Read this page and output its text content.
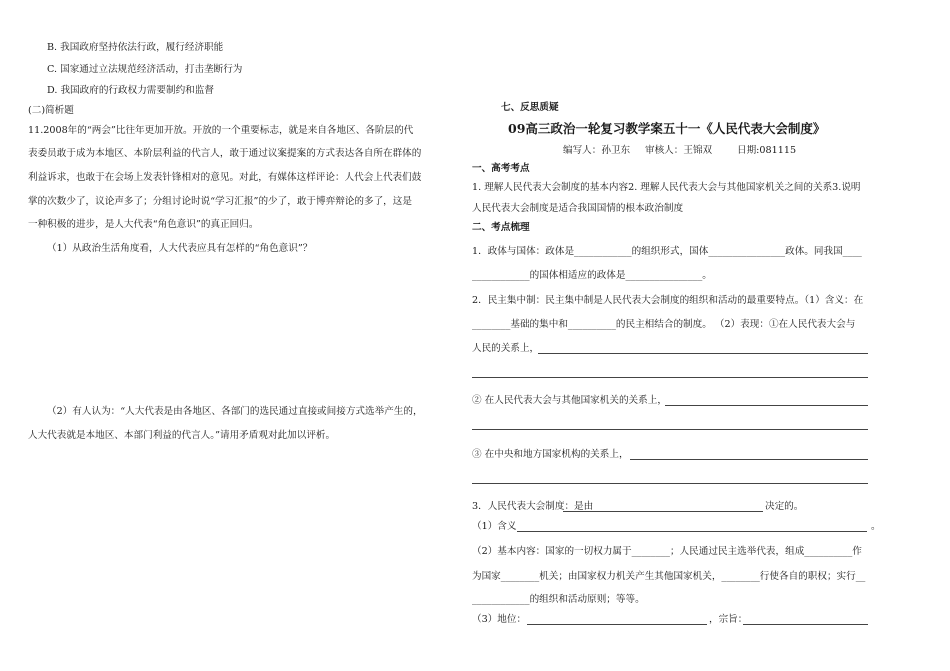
B. 我国政府坚持依法行政，履行经济职能
C. 国家通过立法规范经济活动，打击垄断行为
D. 我国政府的行政权力需要制约和监督
(二)简析题
11.2008年的“两会”比往年更加开放。开放的一个重要标志，就是来自各地区、各阶层的代
表委员敢于成为本地区、本阶层利益的代言人，敢于通过议案提案的方式表达各自所在群体的
利益诉求，也敢于在会场上发表针锋相对的意见。对此，有媒体这样评论：人代会上代表们鼓
掌的次数少了，议论声多了；分组讨论时说“学习汇报”的少了，敢于博弈辩论的多了，这是
一种积极的进步，是人大代表“角色意识”的真正回归。
（1）从政治生活角度看，人大代表应具有怎样的“角色意识”？
（2）有人认为：“人大代表是由各地区、各部门的选民通过直接或间接方式选举产生的，
人大代表就是本地区、本部门利益的代言人。”请用矛盾观对此加以评析。
七、反思质疑
09高三政治一轮复习教学案五十一《人民代表大会制度》
编写人：孙卫东 审核人：王锦双	日期:081115
一、高考考点
1. 理解人民代表大会制度的基本内容2. 理解人民代表大会与其他国家机关之间的关系3.说明
人民代表大会制度是适合我国国情的根本政治制度
二、考点梳理
1．政体与国体：政体是____________的组织形式，国体________________政体。同我国____
____________的国体相适应的政体是________________。
2．民主集中制：民主集中制是人民代表大会制度的组织和活动的最重要特点。（1）含义：在
________基础的集中和__________的民主相结合的制度。 （2）表现：①在人民代表大会与
人民的关系上，
② 在人民代表大会与其他国家机关的关系上，
③ 在中央和地方国家机构的关系上，
3．人民代表大会制度：是由	决定的。
（1）含义	。
（2）基本内容：国家的一切权力属于________；人民通过民主选举代表，组成__________作
为国家________机关；由国家权力机关产生其他国家机关，________行使各自的职权；实行__
____________的组织和活动原则；等等。
（3）地位：	，宗旨：
